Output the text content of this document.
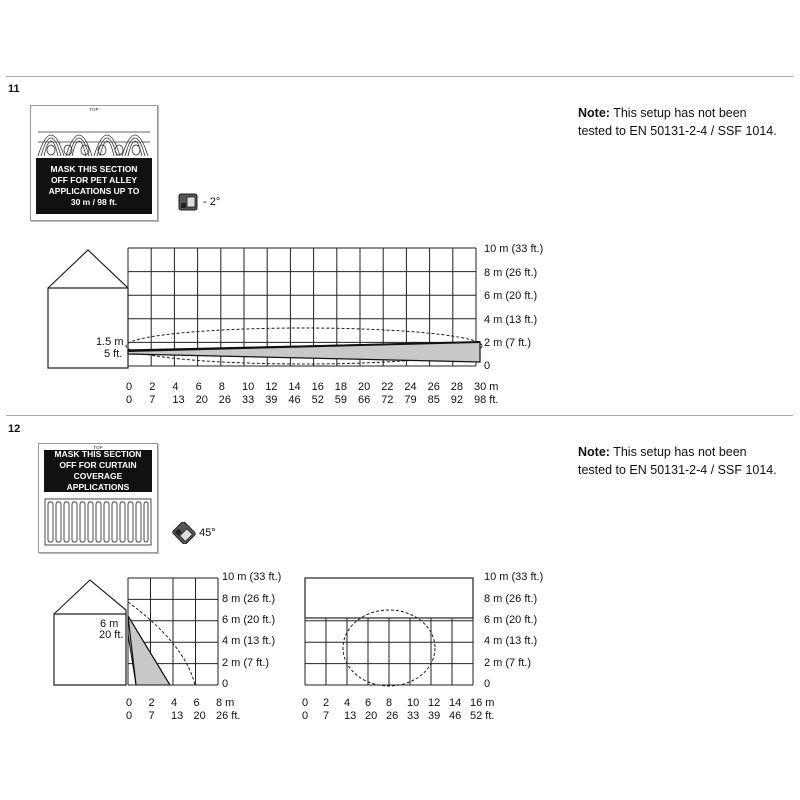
11
TOP
MASK THIS SECTION
OFF FOR PET ALLEY
APPLICATIONS UP TO
30 m / 98 ft.	- 2°
Note: This setup has not been
tested to EN 50131-2-4 / SSF 1014.
1.5 m
5 ft.
10 m (33 ft.)
8 m (26 ft.)
6 m (20 ft.)
4 m (13 ft.)
2 m (7 ft.)
0
0 2 4 6 8 10 12 14 16 18 20 22 24 26 28 30 m
0 7 13 20 26 33 39 46 52 59 66 72 79 85 92 98 ft.
12
TOP
MASK THIS SECTION
OFF FOR CURTAIN
COVERAGE APPLICATIONS
45°
Note: This setup has not been
tested to EN 50131-2-4 / SSF 1014.
6 m
20 ft.
10 m (33 ft.)
8 m (26 ft.)
6 m (20 ft.)
4 m (13 ft.)
2 m (7 ft.)
0
0 2 4 6 8 m
0 7 13 20 26 ft.
10 m (33 ft.)
8 m (26 ft.)
6 m (20 ft.)
4 m (13 ft.)
2 m (7 ft.)
0
0 2 4 6 8 10 12 14 16 m
0 7 13 20 26 33 39 46 52 ft.
